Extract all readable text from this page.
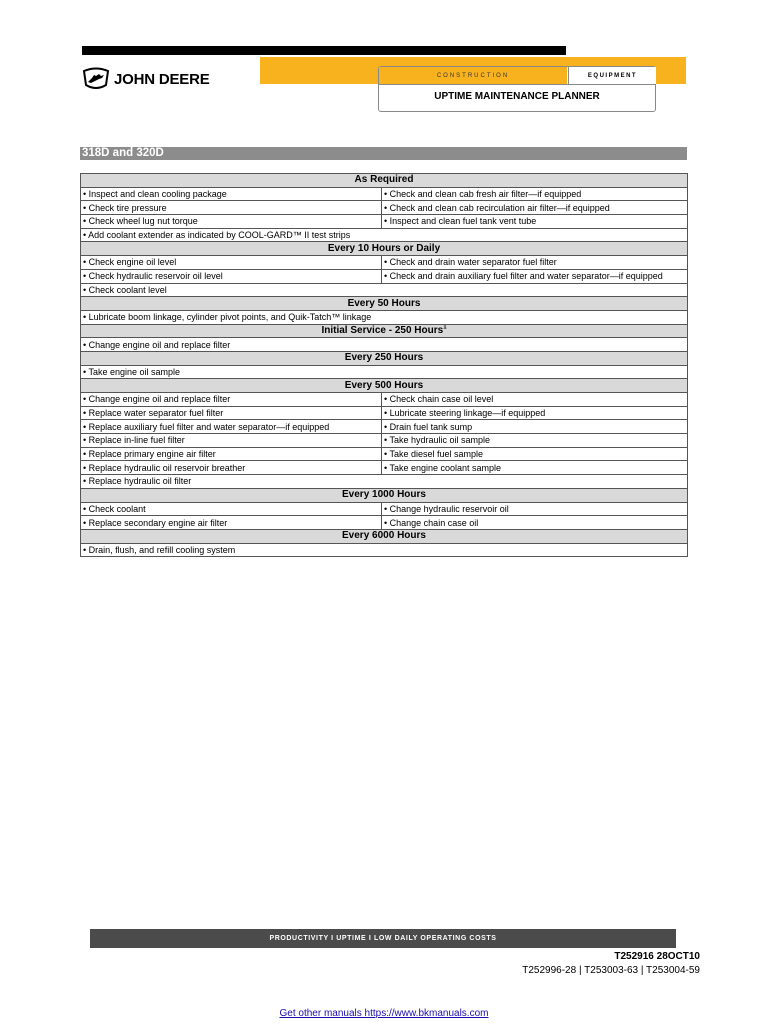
JOHN DEERE	CONSTRUCTION	EQUIPMENT
UPTIME MAINTENANCE PLANNER
318D and 320D
As Required	
• Inspect and clean cooling package	• Check and clean cab fresh air filter—if equipped
• Check tire pressure	• Check and clean cab recirculation air filter—if equipped
• Check wheel lug nut torque	• Inspect and clean fuel tank vent tube
• Add coolant extender as indicated by COOL-GARD™ II test strips	
Every 10 Hours or Daily	
• Check engine oil level	• Check and drain water separator fuel filter
• Check hydraulic reservoir oil level	• Check and drain auxiliary fuel filter and water separator—if equipped
• Check coolant level	
Every 50 Hours	
• Lubricate boom linkage, cylinder pivot points, and Quik-Tatch™ linkage	
Initial Service - 250 Hours$^1$
• Change engine oil and replace filter	
Every 250 Hours	
• Take engine oil sample	
Every 500 Hours	
• Change engine oil and replace filter	• Check chain case oil level
• Replace water separator fuel filter	• Lubricate steering linkage—if equipped
• Replace auxiliary fuel filter and water separator—if equipped	• Drain fuel tank sump
• Replace in-line fuel filter	• Take hydraulic oil sample
• Replace primary engine air filter	• Take diesel fuel sample
• Replace hydraulic oil reservoir breather	• Take engine coolant sample
• Replace hydraulic oil filter	
Every 1000 Hours	
• Check coolant	• Change hydraulic reservoir oil
• Replace secondary engine air filter	• Change chain case oil
Every 6000 Hours	
• Drain, flush, and refill cooling system	
PRODUCTIVITY I UPTIME I LOW DAILY OPERATING COSTS
T252916 28OCT10
T252996-28 | T253003-63 | T253004-59
Get other manuals https://www.bkmanuals.com
